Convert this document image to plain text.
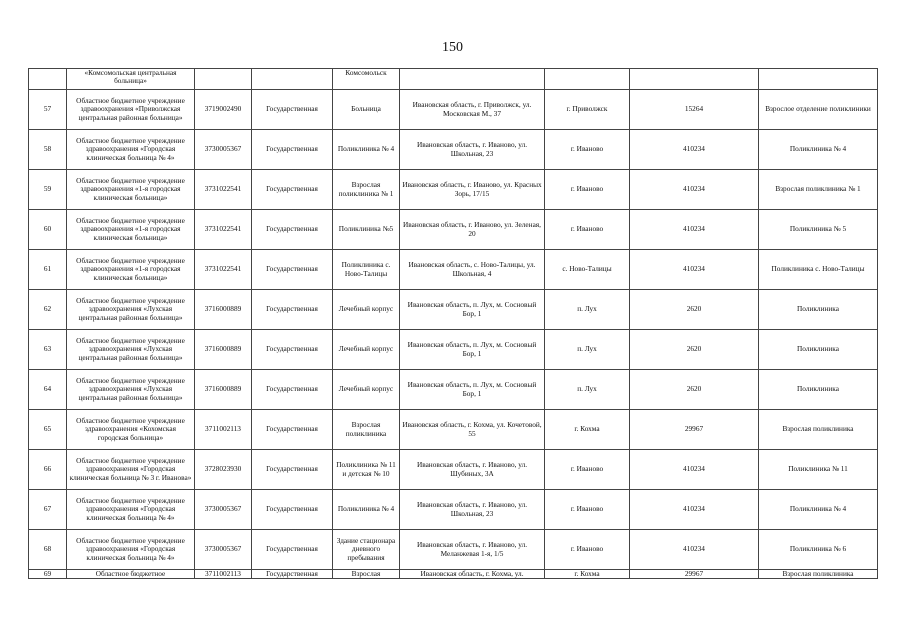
150
	«Комсомольская центральная больница»			Комсомольск				
57	Областное бюджетное учреждение здравоохранения «Приволжская центральная районная больница»	3719002490	Государственная	Больница	Ивановская область, г. Приволжск, ул. Московская М., 37	г. Приволжск	15264	Взрослое отделение поликлиники
58	Областное бюджетное учреждение здравоохранения «Городская клиническая больница № 4»	3730005367	Государственная	Поликлиника № 4	Ивановская область, г. Иваново, ул. Школьная, 23	г. Иваново	410234	Поликлиника № 4
59	Областное бюджетное учреждение здравоохранения «1-я городская клиническая больница»	3731022541	Государственная	Взрослая поликлиника № 1	Ивановская область, г. Иваново, ул. Красных Зорь, 17/15	г. Иваново	410234	Взрослая поликлиника № 1
60	Областное бюджетное учреждение здравоохранения «1-я городская клиническая больница»	3731022541	Государственная	Поликлиника №5	Ивановская область, г. Иваново, ул. Зеленая, 20	г. Иваново	410234	Поликлиника № 5
61	Областное бюджетное учреждение здравоохранения «1-я городская клиническая больница»	3731022541	Государственная	Поликлиника с. Ново-Талицы	Ивановская область, с. Ново-Талицы, ул. Школьная, 4	с. Ново-Талицы	410234	Поликлиника с. Ново-Талицы
62	Областное бюджетное учреждение здравоохранения «Лухская центральная районная больница»	3716000889	Государственная	Лечебный корпус	Ивановская область, п. Лух, м. Сосновый Бор, 1	п. Лух	2620	Поликлиника
63	Областное бюджетное учреждение здравоохранения «Лухская центральная районная больница»	3716000889	Государственная	Лечебный корпус	Ивановская область, п. Лух, м. Сосновый Бор, 1	п. Лух	2620	Поликлиника
64	Областное бюджетное учреждение здравоохранения «Лухская центральная районная больница»	3716000889	Государственная	Лечебный корпус	Ивановская область, п. Лух, м. Сосновый Бор, 1	п. Лух	2620	Поликлиника
65	Областное бюджетное учреждение здравоохранения «Кохомская городская больница»	3711002113	Государственная	Взрослая поликлиника	Ивановская область, г. Кохма, ул. Кочетовой, 55	г. Кохма	29967	Взрослая поликлиника
66	Областное бюджетное учреждение здравоохранения «Городская клиническая больница № 3 г. Иванова»	3728023930	Государственная	Поликлиника № 11 и детская № 10	Ивановская область, г. Иваново, ул. Шубиных, 3А	г. Иваново	410234	Поликлиника № 11
67	Областное бюджетное учреждение здравоохранения «Городская клиническая больница № 4»	3730005367	Государственная	Поликлиника № 4	Ивановская область, г. Иваново, ул. Школьная, 23	г. Иваново	410234	Поликлиника № 4
68	Областное бюджетное учреждение здравоохранения «Городская клиническая больница № 4»	3730005367	Государственная	Здание стационара дневного пребывания	Ивановская область, г. Иваново, ул. Меланжевая 1-я, 1/5	г. Иваново	410234	Поликлиника № 6
69	Областное бюджетное	3711002113	Государственная	Взрослая	Ивановская область, г. Кохма, ул.	г. Кохма	29967	Взрослая поликлиника
